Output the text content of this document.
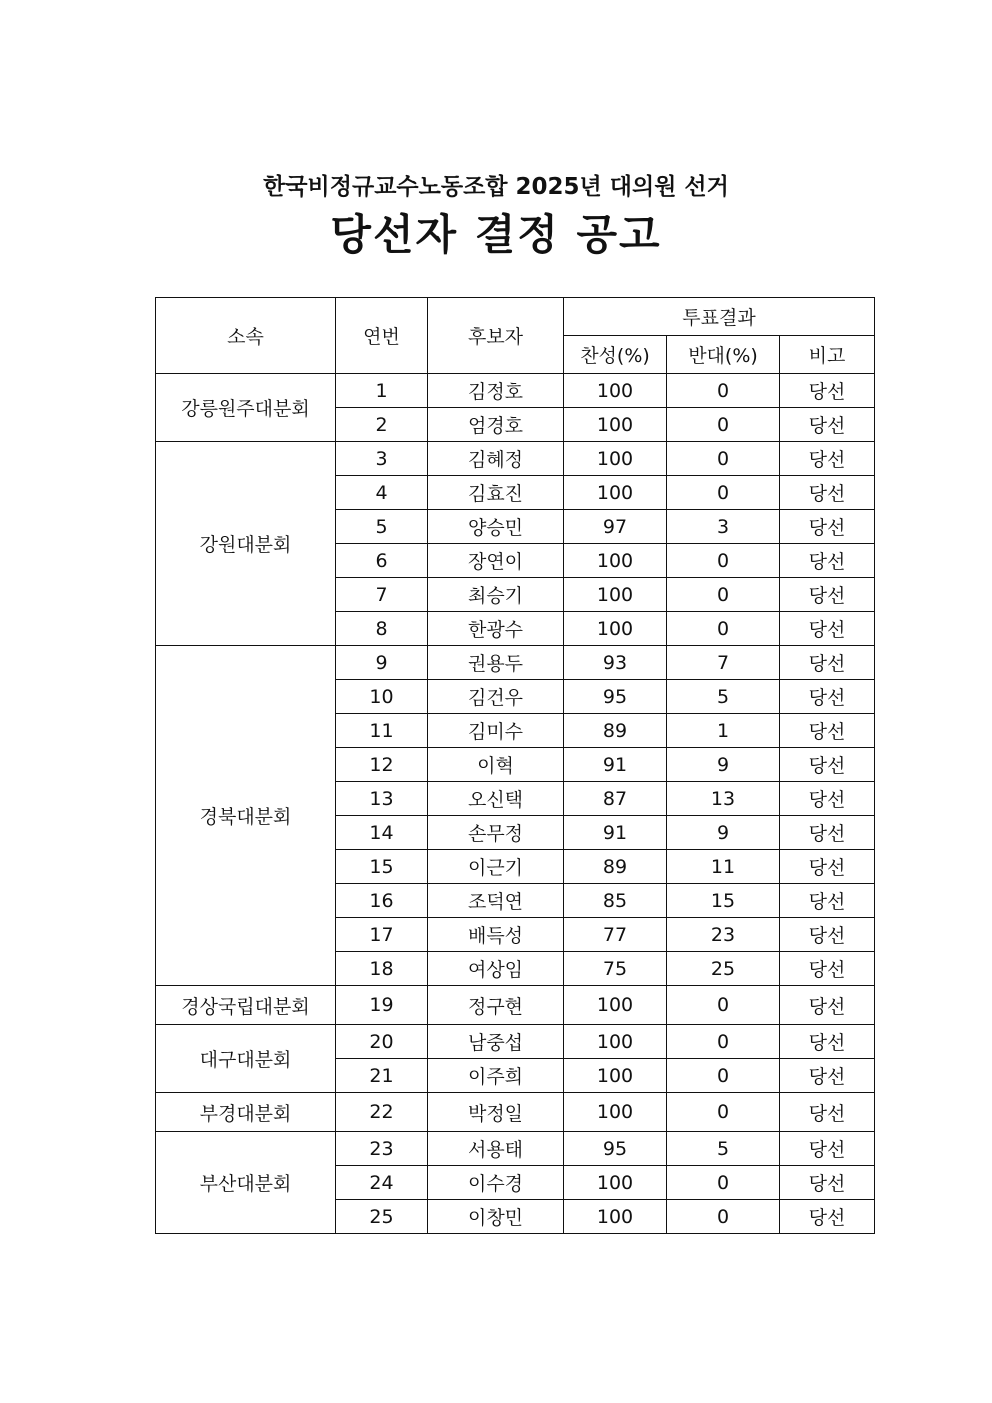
한국비정규교수노동조합 2025년 대의원 선거
당선자 결정 공고
소속	연번	후보자	투표결과		
			찬성(%)	반대(%)	비고
강릉원주대분회	1	김정호	100	0	당선
	2	엄경호	100	0	당선
강원대분회	3	김혜정	100	0	당선
	4	김효진	100	0	당선
	5	양승민	97	3	당선
	6	장연이	100	0	당선
	7	최승기	100	0	당선
	8	한광수	100	0	당선
경북대분회	9	권용두	93	7	당선
	10	김건우	95	5	당선
	11	김미수	89	1	당선
	12	이혁	91	9	당선
	13	오신택	87	13	당선
	14	손무정	91	9	당선
	15	이근기	89	11	당선
	16	조덕연	85	15	당선
	17	배득성	77	23	당선
	18	여상임	75	25	당선
경상국립대분회	19	정구현	100	0	당선
대구대분회	20	남중섭	100	0	당선
	21	이주희	100	0	당선
부경대분회	22	박정일	100	0	당선
부산대분회	23	서용태	95	5	당선
	24	이수경	100	0	당선
	25	이창민	100	0	당선
